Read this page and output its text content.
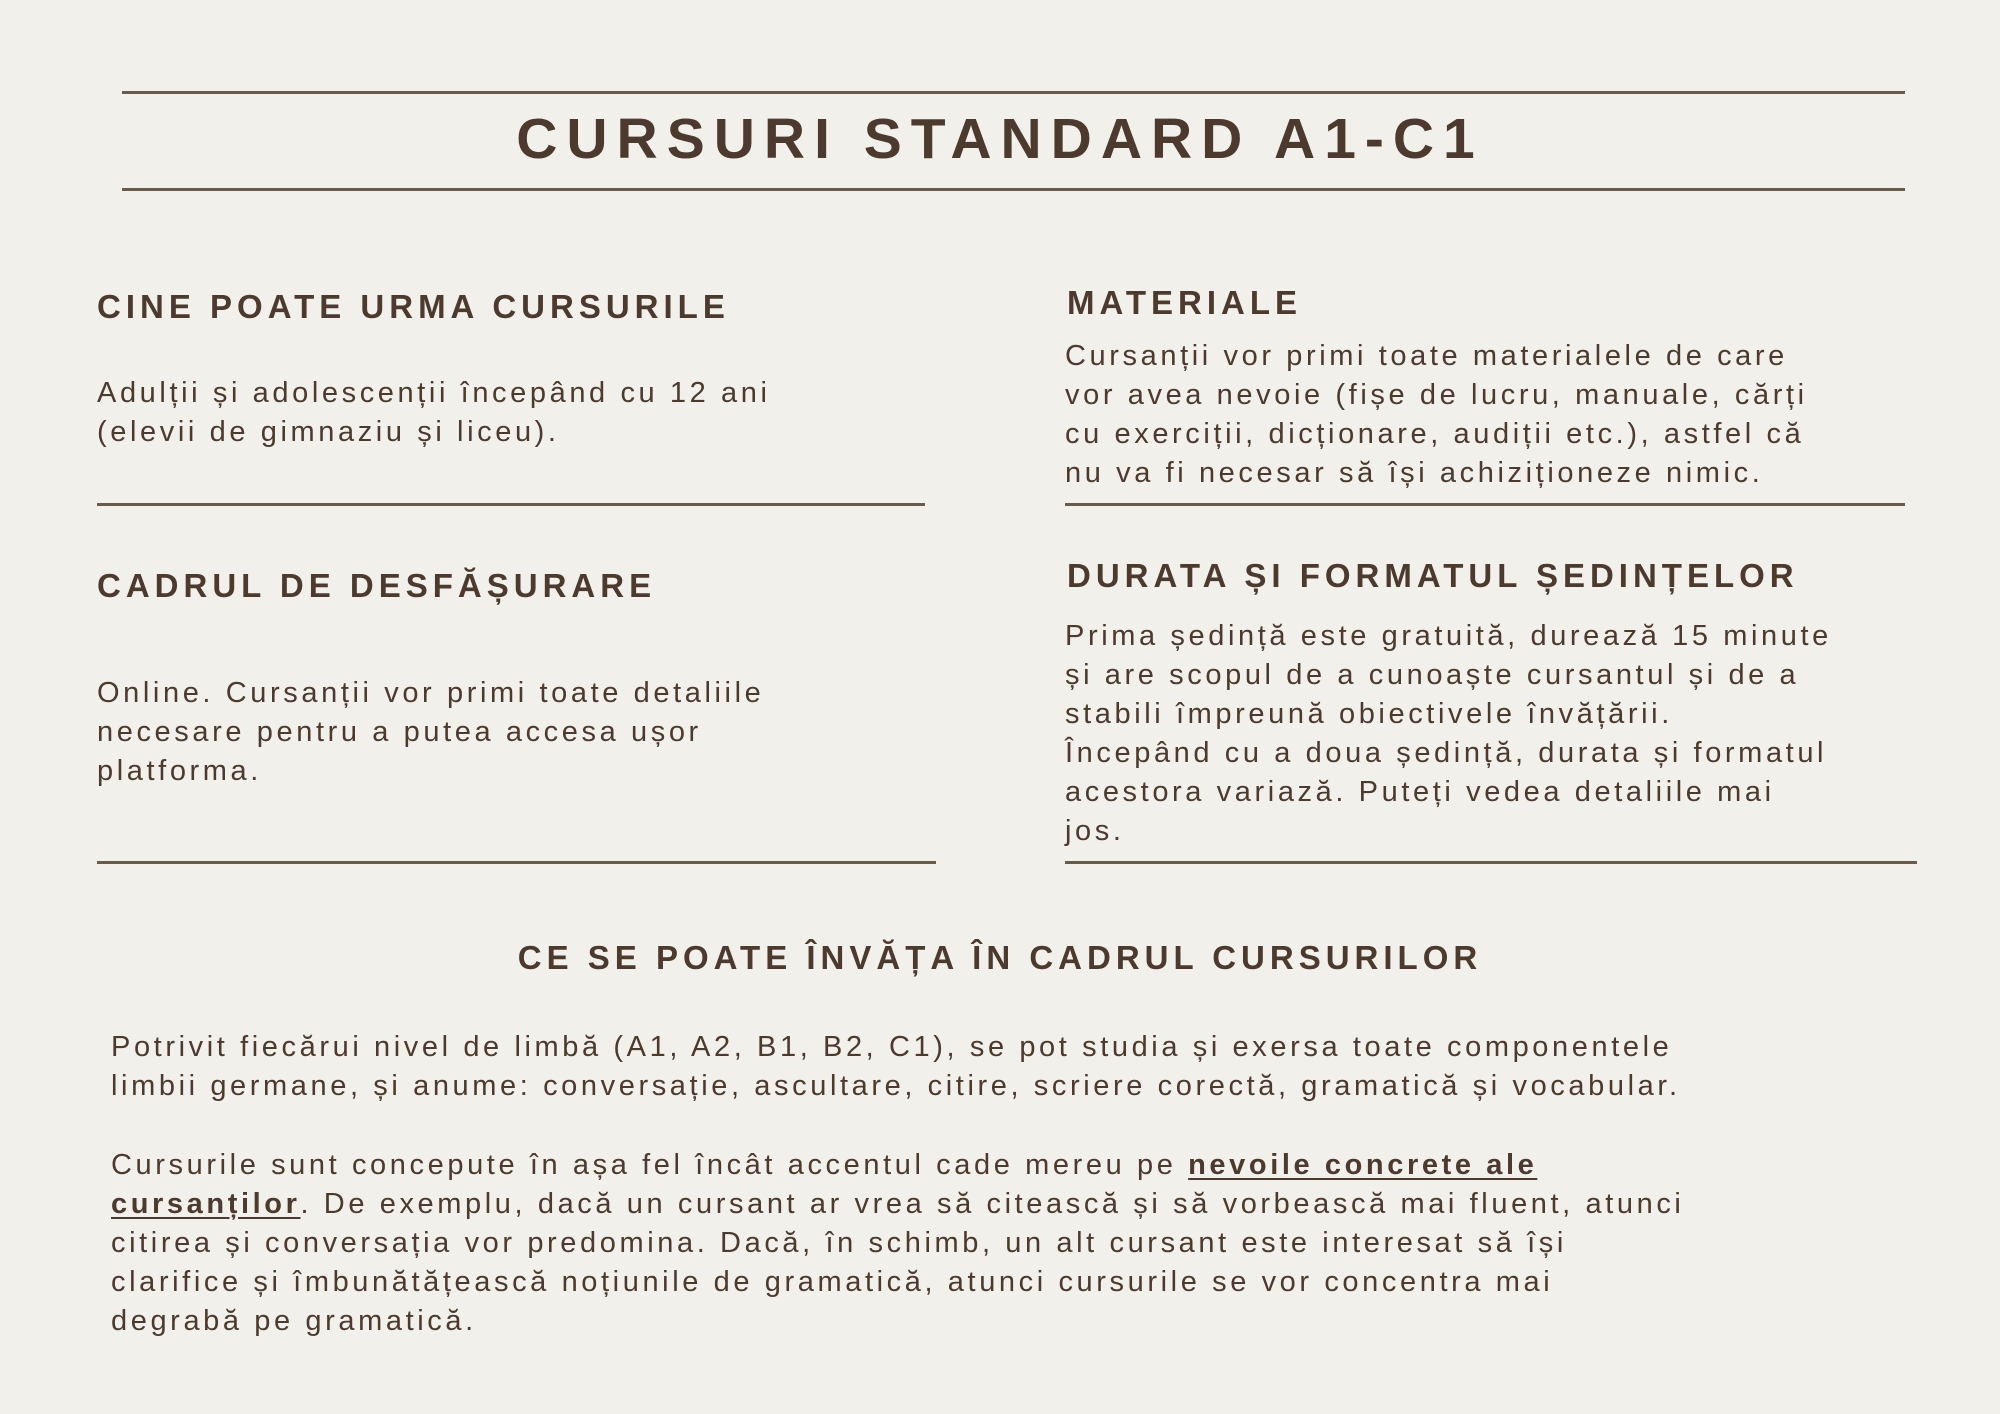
CURSURI STANDARD A1-C1
CINE POATE URMA CURSURILE
Adulții și adolescenții începând cu 12 ani
(elevii de gimnaziu și liceu).
MATERIALE
Cursanții vor primi toate materialele de care
vor avea nevoie (fișe de lucru, manuale, cărți
cu exerciții, dicționare, audiții etc.), astfel că
nu va fi necesar să își achiziționeze nimic.
CADRUL DE DESFĂȘURARE
Online. Cursanții vor primi toate detaliile
necesare pentru a putea accesa ușor
platforma.
DURATA ȘI FORMATUL ȘEDINȚELOR
Prima ședință este gratuită, durează 15 minute
și are scopul de a cunoaște cursantul și de a
stabili împreună obiectivele învățării.
Începând cu a doua ședință, durata și formatul
acestora variază. Puteți vedea detaliile mai
jos.
CE SE POATE ÎNVĂȚA ÎN CADRUL CURSURILOR
Potrivit fiecărui nivel de limbă (A1, A2, B1, B2, C1), se pot studia și exersa toate componentele
limbii germane, și anume: conversație, ascultare, citire, scriere corectă, gramatică și vocabular.
Cursurile sunt concepute în așa fel încât accentul cade mereu pe nevoile concrete ale
cursanților. De exemplu, dacă un cursant ar vrea să citească și să vorbească mai fluent, atunci
citirea și conversația vor predomina. Dacă, în schimb, un alt cursant este interesat să își
clarifice și îmbunătățească noțiunile de gramatică, atunci cursurile se vor concentra mai
degrabă pe gramatică.
